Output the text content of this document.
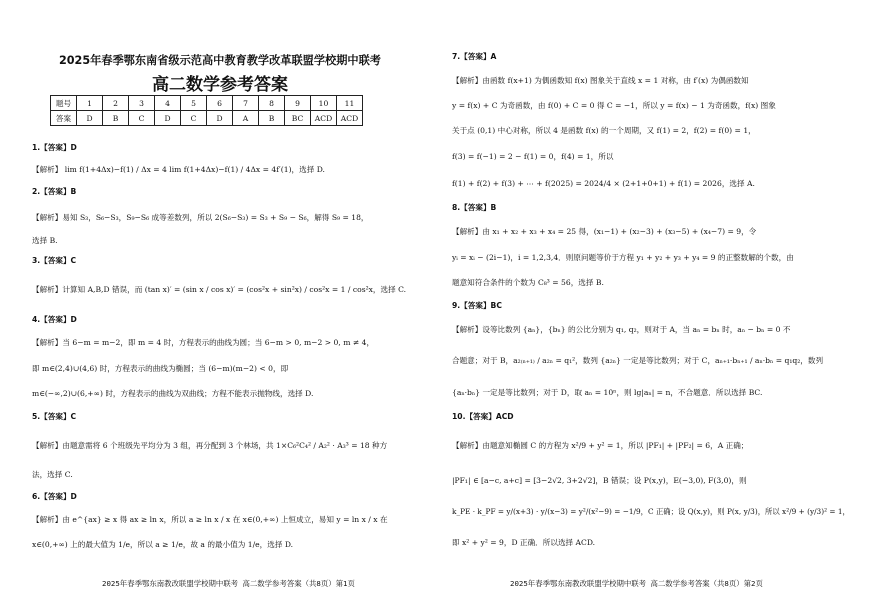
2025年春季鄂东南省级示范高中教育教学改革联盟学校期中联考
高二数学参考答案
题号	1	2	3	4	5	6	7	8	9	10	11
答案	D	B	C	D	C	D	A	B	BC	ACD	ACD
1.【答案】D
【解析】 lim f(1+4Δx)−f(1) / Δx = 4 lim f(1+4Δx)−f(1) / 4Δx = 4f′(1)，选择 D.
2.【答案】B
【解析】易知 S₃，S₆−S₃，S₉−S₆ 成等差数列，所以 2(S₆−S₃) = S₃ + S₉ − S₆，解得 S₉ = 18，
选择 B.
3.【答案】C
【解析】计算知 A,B,D 错误，而 (tan x)′ = (sin x / cos x)′ = (cos²x + sin²x) / cos²x = 1 / cos²x，选择 C.
4.【答案】D
【解析】当 6−m = m−2，即 m = 4 时，方程表示的曲线为圆；当 6−m > 0, m−2 > 0, m ≠ 4，
即 m∈(2,4)∪(4,6) 时，方程表示的曲线为椭圆；当 (6−m)(m−2) < 0，即
m∈(−∞,2)∪(6,+∞) 时，方程表示的曲线为双曲线；方程不能表示抛物线，选择 D.
5.【答案】C
【解析】由题意需将 6 个班级先平均分为 3 组，再分配到 3 个林场，共 1×C₆²C₄² / A₂² · A₃³ = 18 种方
法，选择 C.
6.【答案】D
【解析】由 e^{ax} ≥ x 得 ax ≥ ln x，所以 a ≥ ln x / x 在 x∈(0,+∞) 上恒成立，易知 y = ln x / x 在
x∈(0,+∞) 上的最大值为 1/e，所以 a ≥ 1/e，故 a 的最小值为 1/e，选择 D.
2025年春季鄂东南教改联盟学校期中联考 高二数学参考答案（共8页）第1页
7.【答案】A
【解析】由函数 f(x+1) 为偶函数知 f(x) 图象关于直线 x = 1 对称，由 f′(x) 为偶函数知
y = f(x) + C 为奇函数，由 f(0) + C = 0 得 C = −1，所以 y = f(x) − 1 为奇函数，f(x) 图象
关于点 (0,1) 中心对称，所以 4 是函数 f(x) 的一个周期，又 f(1) = 2，f(2) = f(0) = 1，
f(3) = f(−1) = 2 − f(1) = 0，f(4) = 1，所以
f(1) + f(2) + f(3) + ⋯ + f(2025) = 2024/4 × (2+1+0+1) + f(1) = 2026，选择 A.
8.【答案】B
【解析】由 x₁ + x₂ + x₃ + x₄ = 25 得，(x₁−1) + (x₂−3) + (x₃−5) + (x₄−7) = 9，令
yᵢ = xᵢ − (2i−1)，i = 1,2,3,4．则原问题等价于方程 y₁ + y₂ + y₃ + y₄ = 9 的正整数解的个数，由
题意知符合条件的个数为 C₈³ = 56，选择 B.
9.【答案】BC
【解析】设等比数列 {aₙ}，{bₙ} 的公比分别为 q₁, q₂，则对于 A，当 aₙ = bₙ 时，aₙ − bₙ = 0 不
合题意；对于 B，a₂₍ₙ₊₁₎ / a₂ₙ = q₁²，数列 {a₂ₙ} 一定是等比数列；对于 C，aₙ₊₁·bₙ₊₁ / aₙ·bₙ = q₁q₂，数列
{aₙ·bₙ} 一定是等比数列；对于 D，取 aₙ = 10ⁿ，则 lg|aₙ| = n，不合题意．所以选择 BC.
10.【答案】ACD
【解析】由题意知椭圆 C 的方程为 x²/9 + y² = 1，所以 |PF₁| + |PF₂| = 6，A 正确；
|PF₁| ∈ [a−c, a+c] = [3−2√2, 3+2√2]，B 错误；设 P(x,y)，E(−3,0), F(3,0)，则
k_PE · k_PF = y/(x+3) · y/(x−3) = y²/(x²−9) = −1/9，C 正确；设 Q(x,y)，则 P(x, y/3)，所以 x²/9 + (y/3)² = 1，
即 x² + y² = 9，D 正确．所以选择 ACD.
2025年春季鄂东南教改联盟学校期中联考 高二数学参考答案（共8页）第2页
